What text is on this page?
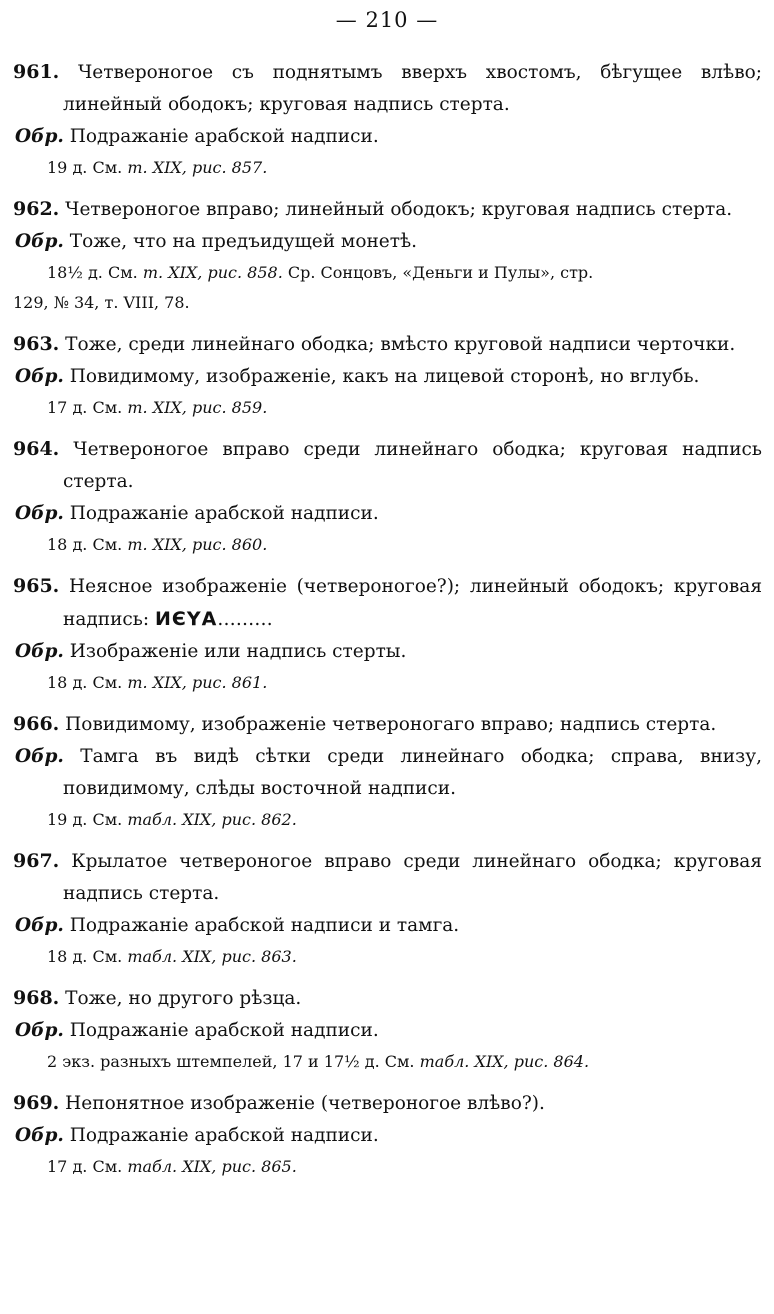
— 210 —
961. Четвероногое съ поднятымъ вверхъ хвостомъ, бѣгущее влѣво;
линейный ободокъ; круговая надпись стерта.
Обр. Подражаніе арабской надписи.
19 д. См. т. XIX, рис. 857.
962. Четвероногое вправо; линейный ободокъ; круговая надпись стерта.
Обр. Тоже, что на предъидущей монетѣ.
18½ д. См. т. XIX, рис. 858. Ср. Сонцовъ, «Деньги и Пулы», стр.
129, № 34, т. VIII, 78.
963. Тоже, среди линейнаго ободка; вмѣсто круговой надписи черточки.
Обр. Повидимому, изображеніе, какъ на лицевой сторонѣ, но вглубь.
17 д. См. т. XIX, рис. 859.
964. Четвероногое вправо среди линейнаго ободка; круговая надпись
стерта.
Обр. Подражаніе арабской надписи.
18 д. См. т. XIX, рис. 860.
965. Неясное изображеніе (четвероногое?); линейный ободокъ; круговая
надпись: ИЄΥΑ………
Обр. Изображеніе или надпись стерты.
18 д. См. т. XIX, рис. 861.
966. Повидимому, изображеніе четвероногаго вправо; надпись стерта.
Обр. Тамга въ видѣ сѣтки среди линейнаго ободка; справа, внизу,
повидимому, слѣды восточной надписи.
19 д. См. табл. XIX, рис. 862.
967. Крылатое четвероногое вправо среди линейнаго ободка; круговая
надпись стерта.
Обр. Подражаніе арабской надписи и тамга.
18 д. См. табл. XIX, рис. 863.
968. Тоже, но другого рѣзца.
Обр. Подражаніе арабской надписи.
2 экз. разныхъ штемпелей, 17 и 17½ д. См. табл. XIX, рис. 864.
969. Непонятное изображеніе (четвероногое влѣво?).
Обр. Подражаніе арабской надписи.
17 д. См. табл. XIX, рис. 865.
